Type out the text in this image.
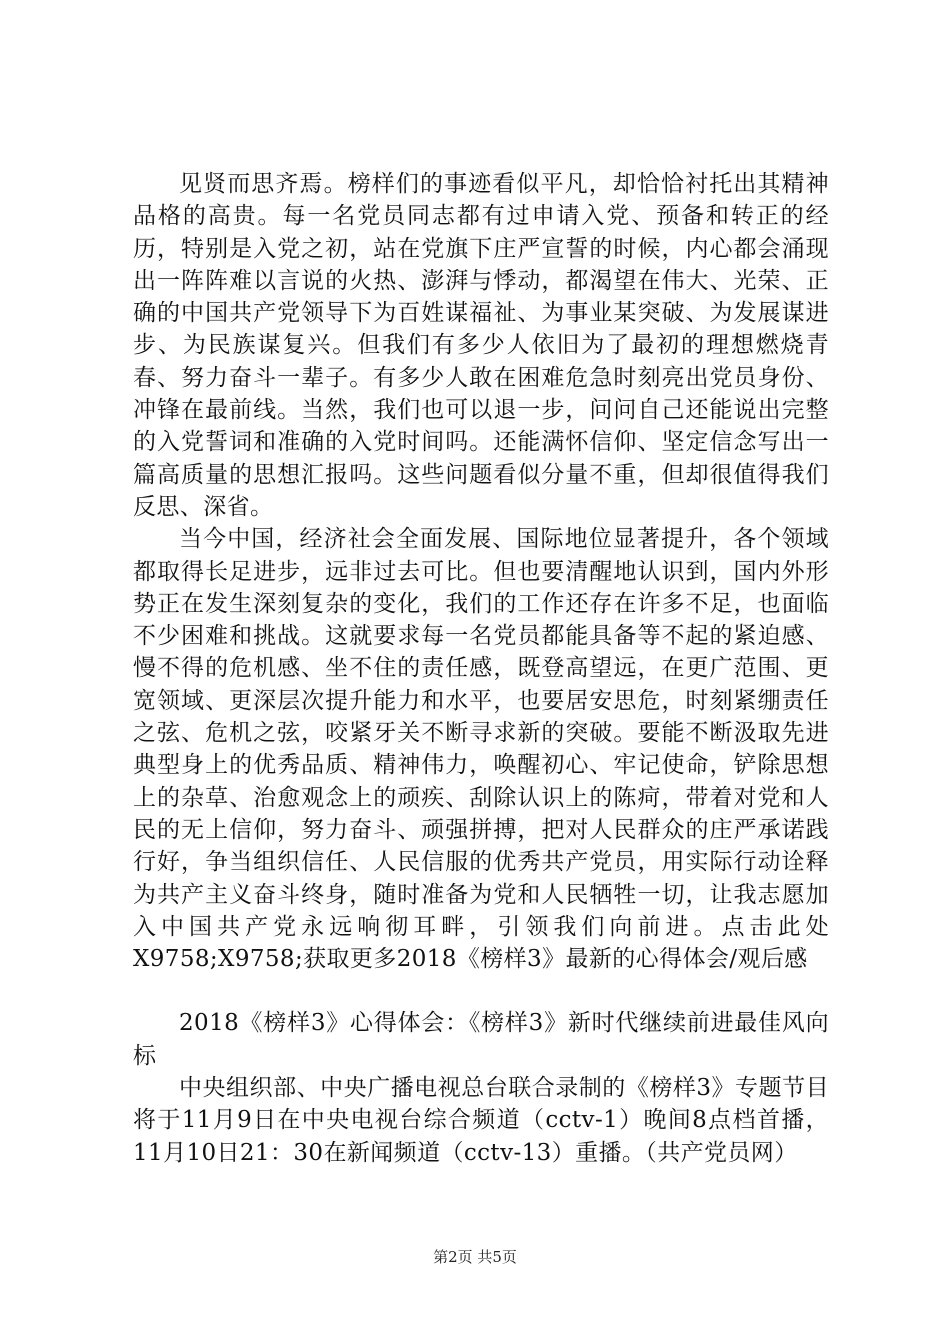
见贤而思齐焉。榜样们的事迹看似平凡，却恰恰衬托出其精神品格的高贵。每一名党员同志都有过申请入党、预备和转正的经历，特别是入党之初，站在党旗下庄严宣誓的时候，内心都会涌现出一阵阵难以言说的火热、澎湃与悸动，都渴望在伟大、光荣、正确的中国共产党领导下为百姓谋福祉、为事业某突破、为发展谋进步、为民族谋复兴。但我们有多少人依旧为了最初的理想燃烧青春、努力奋斗一辈子。有多少人敢在困难危急时刻亮出党员身份、冲锋在最前线。当然，我们也可以退一步，问问自己还能说出完整的入党誓词和准确的入党时间吗。还能满怀信仰、坚定信念写出一篇高质量的思想汇报吗。这些问题看似分量不重，但却很值得我们反思、深省。

当今中国，经济社会全面发展、国际地位显著提升，各个领域都取得长足进步，远非过去可比。但也要清醒地认识到，国内外形势正在发生深刻复杂的变化，我们的工作还存在许多不足，也面临不少困难和挑战。这就要求每一名党员都能具备等不起的紧迫感、慢不得的危机感、坐不住的责任感，既登高望远，在更广范围、更宽领域、更深层次提升能力和水平，也要居安思危，时刻紧绷责任之弦、危机之弦，咬紧牙关不断寻求新的突破。要能不断汲取先进典型身上的优秀品质、精神伟力，唤醒初心、牢记使命，铲除思想上的杂草、治愈观念上的顽疾、刮除认识上的陈疴，带着对党和人民的无上信仰，努力奋斗、顽强拼搏，把对人民群众的庄严承诺践行好，争当组织信任、人民信服的优秀共产党员，用实际行动诠释为共产主义奋斗终身，随时准备为党和人民牺牲一切，让我志愿加入中国共产党永远响彻耳畔，引领我们向前进。点击此处X9758;X9758;获取更多2018《榜样3》最新的心得体会/观后感

2018《榜样3》心得体会：《榜样3》新时代继续前进最佳风向标

中央组织部、中央广播电视总台联合录制的《榜样3》专题节目将于11月9日在中央电视台综合频道（cctv-1）晚间8点档首播，11月10日21：30在新闻频道（cctv-13）重播。（共产党员网）

第2页 共5页
